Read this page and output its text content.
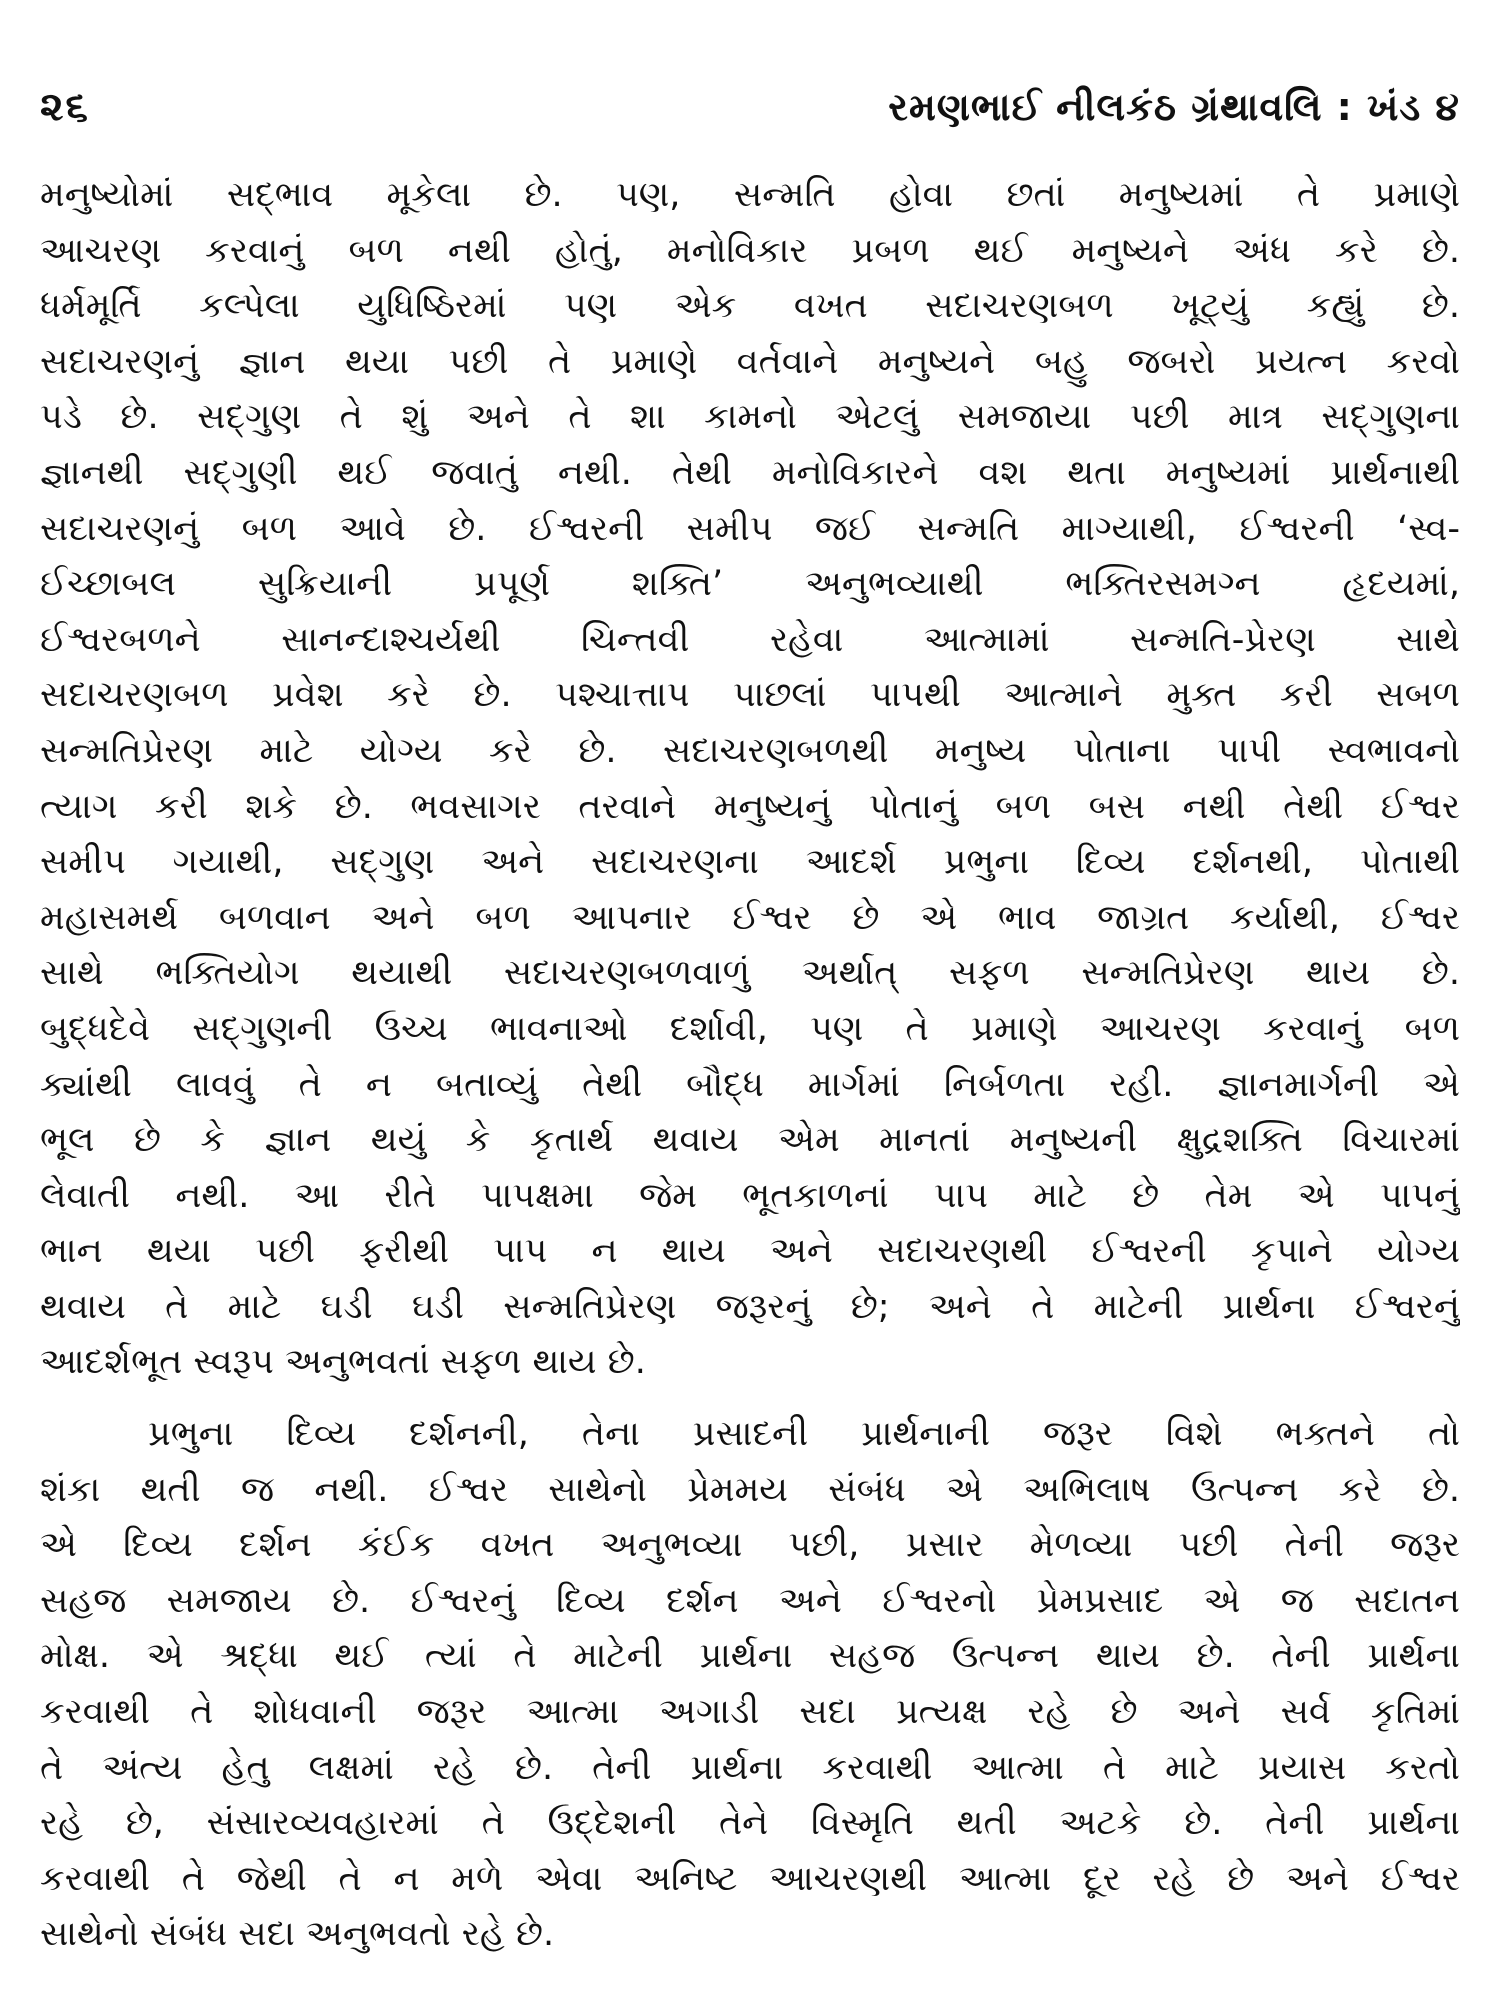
૨૬	રમણભાઈ નીલકંઠ ગ્રંથાવલિ : ખંડ ૪

મનુષ્યોમાં સદ્ભાવ મૂકેલા છે. પણ, સન્મતિ હોવા છતાં મનુષ્યમાં તે પ્રમાણે
આચરણ કરવાનું બળ નથી હોતું, મનોવિકાર પ્રબળ થઈ મનુષ્યને અંધ કરે છે.
ધર્મમૂર્તિ કલ્પેલા યુધિષ્ઠિરમાં પણ એક વખત સદાચરણબળ ખૂટ્યું કહ્યું છે.
સદાચરણનું જ્ઞાન થયા પછી તે પ્રમાણે વર્તવાને મનુષ્યને બહુ જબરો પ્રયત્ન કરવો
પડે છે. સદ્ગુણ તે શું અને તે શા કામનો એટલું સમજાયા પછી માત્ર સદ્ગુણના
જ્ઞાનથી સદ્ગુણી થઈ જવાતું નથી. તેથી મનોવિકારને વશ થતા મનુષ્યમાં પ્રાર્થનાથી
સદાચરણનું બળ આવે છે. ઈશ્વરની સમીપ જઈ સન્મતિ માગ્યાથી, ઈશ્વરની ‘સ્વ-
ઈચ્છાબલ સુક્રિયાની પ્રપૂર્ણ શક્તિ’ અનુભવ્યાથી ભક્તિરસમગ્ન હૃદયમાં,
ઈશ્વરબળને સાનન્દાશ્ચર્યથી ચિન્તવી રહેવા આત્મામાં સન્મતિ-પ્રેરણ સાથે
સદાચરણબળ પ્રવેશ કરે છે. પશ્ચાત્તાપ પાછલાં પાપથી આત્માને મુક્ત કરી સબળ
સન્મતિપ્રેરણ માટે યોગ્ય કરે છે. સદાચરણબળથી મનુષ્ય પોતાના પાપી સ્વભાવનો
ત્યાગ કરી શકે છે. ભવસાગર તરવાને મનુષ્યનું પોતાનું બળ બસ નથી તેથી ઈશ્વર
સમીપ ગયાથી, સદ્ગુણ અને સદાચરણના આદર્શ પ્રભુના દિવ્ય દર્શનથી, પોતાથી
મહાસમર્થ બળવાન અને બળ આપનાર ઈશ્વર છે એ ભાવ જાગ્રત કર્યાથી, ઈશ્વર
સાથે ભક્તિયોગ થયાથી સદાચરણબળવાળું અર્થાત્ સફળ સન્મતિપ્રેરણ થાય છે.
બુદ્ધદેવે સદ્ગુણની ઉચ્ચ ભાવનાઓ દર્શાવી, પણ તે પ્રમાણે આચરણ કરવાનું બળ
ક્યાંથી લાવવું તે ન બતાવ્યું તેથી બૌદ્ધ માર્ગમાં નિર્બળતા રહી. જ્ઞાનમાર્ગની એ
ભૂલ છે કે જ્ઞાન થયું કે કૃતાર્થ થવાય એમ માનતાં મનુષ્યની ક્ષુદ્રશક્તિ વિચારમાં
લેવાતી નથી. આ રીતે પાપક્ષમા જેમ ભૂતકાળનાં પાપ માટે છે તેમ એ પાપનું
ભાન થયા પછી ફરીથી પાપ ન થાય અને સદાચરણથી ઈશ્વરની કૃપાને યોગ્ય
થવાય તે માટે ઘડી ઘડી સન્મતિપ્રેરણ જરૂરનું છે; અને તે માટેની પ્રાર્થના ઈશ્વરનું
આદર્શભૂત સ્વરૂપ અનુભવતાં સફળ થાય છે.

પ્રભુના દિવ્ય દર્શનની, તેના પ્રસાદની પ્રાર્થનાની જરૂર વિશે ભક્તને તો
શંકા થતી જ નથી. ઈશ્વર સાથેનો પ્રેમમય સંબંધ એ અભિલાષ ઉત્પન્ન કરે છે.
એ દિવ્ય દર્શન કંઈક વખત અનુભવ્યા પછી, પ્રસાર મેળવ્યા પછી તેની જરૂર
સહજ સમજાય છે. ઈશ્વરનું દિવ્ય દર્શન અને ઈશ્વરનો પ્રેમપ્રસાદ એ જ સદાતન
મોક્ષ. એ શ્રદ્ધા થઈ ત્યાં તે માટેની પ્રાર્થના સહજ ઉત્પન્ન થાય છે. તેની પ્રાર્થના
કરવાથી તે શોધવાની જરૂર આત્મા અગાડી સદા પ્રત્યક્ષ રહે છે અને સર્વ કૃતિમાં
તે અંત્ય હેતુ લક્ષમાં રહે છે. તેની પ્રાર્થના કરવાથી આત્મા તે માટે પ્રયાસ કરતો
રહે છે, સંસારવ્યવહારમાં તે ઉદ્દેશની તેને વિસ્મૃતિ થતી અટકે છે. તેની પ્રાર્થના
કરવાથી તે જેથી તે ન મળે એવા અનિષ્ટ આચરણથી આત્મા દૂર રહે છે અને ઈશ્વર
સાથેનો સંબંધ સદા અનુભવતો રહે છે.
